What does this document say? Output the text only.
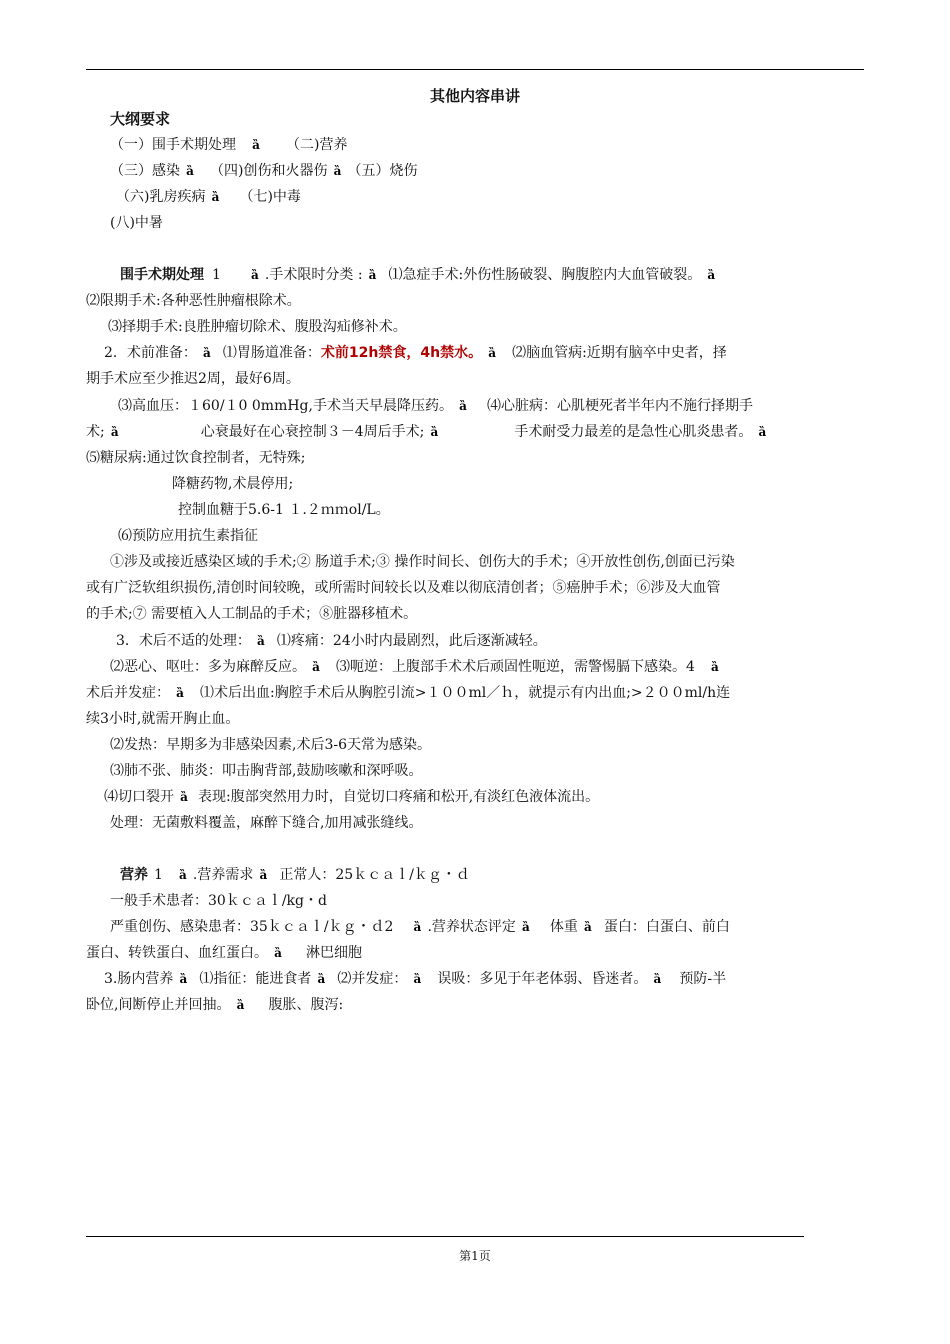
其他内容串讲
大纲要求
（一）围手术期处理 ȁ （二)营养
（三）感染 ȁ （四)创伤和火器伤 ȁ （五）烧伤
（六)乳房疾病 ȁ （七)中毒
(八)中暑
围手术期处理 1	ȁ .手术限时分类 : ȁ ⑴急症手术:外伤性肠破裂、胸腹腔内大血管破裂。 ȁ
⑵限期手术:各种恶性肿瘤根除术。
⑶择期手术:良胜肿瘤切除术、腹股沟疝修补术。
2．术前准备： ȁ ⑴胃肠道准备：术前12h禁食，4h禁水。 ȁ ⑵脑血管病:近期有脑卒中史者，择
期手术应至少推迟2周，最好6周。
⑶高血压：１60/１0 0mmHg,手术当天早晨降压药。 ȁ ⑷心脏病：心肌梗死者半年内不施行择期手
术; ȁ	心衰最好在心衰控制３－4周后手术; ȁ	手术耐受力最差的是急性心肌炎患者。 ȁ
⑸糖尿病:通过饮食控制者，无特殊;
降糖药物,术晨停用;
控制血糖于5.6-1 １.２ｍｍol/L。
⑹预防应用抗生素指征
①涉及或接近感染区域的手术;② 肠道手术;③ 操作时间长、创伤大的手术；④开放性创伤,创面已污染
或有广泛软组织损伤,清创时间较晚，或所需时间较长以及难以彻底清创者；⑤癌肿手术；⑥涉及大血管
的手术;⑦ 需要植入人工制品的手术；⑧脏器移植术。
3．术后不适的处理： ȁ ⑴疼痛：24小时内最剧烈，此后逐渐减轻。
⑵恶心、呕吐：多为麻醉反应。 ȁ ⑶呃逆：上腹部手术术后顽固性呃逆，需警惕膈下感染。4 ȁ
术后并发症： ȁ ⑴术后出血:胸腔手术后从胸腔引流>１００ml／ｈ，就提示有内出血;>２００ml/h连
续3小时,就需开胸止血。
⑵发热：早期多为非感染因素,术后3-6天常为感染。
⑶肺不张、肺炎：叩击胸背部,鼓励咳嗽和深呼吸。
⑷切口裂开 ȁ 表现:腹部突然用力时，自觉切口疼痛和松开,有淡红色液体流出。
处理：无菌敷料覆盖，麻醉下缝合,加用减张缝线。
营养 1 ȁ .营养需求 ȁ 正常人：25ｋｃａｌ/ｋｇ・ｄ
一般手术患者：30ｋｃａｌ/kg・d
严重创伤、感染患者：35ｋｃａｌ/ｋｇ・ｄ2 ȁ .营养状态评定 ȁ 体重 ȁ 蛋白：白蛋白、前白
蛋白、转铁蛋白、血红蛋白。 ȁ 淋巴细胞
3.肠内营养 ȁ ⑴指征：能进食者 ȁ ⑵并发症： ȁ 误吸：多见于年老体弱、昏迷者。 ȁ 预防-半
卧位,间断停止并回抽。 ȁ 腹胀、腹泻:
第1页
